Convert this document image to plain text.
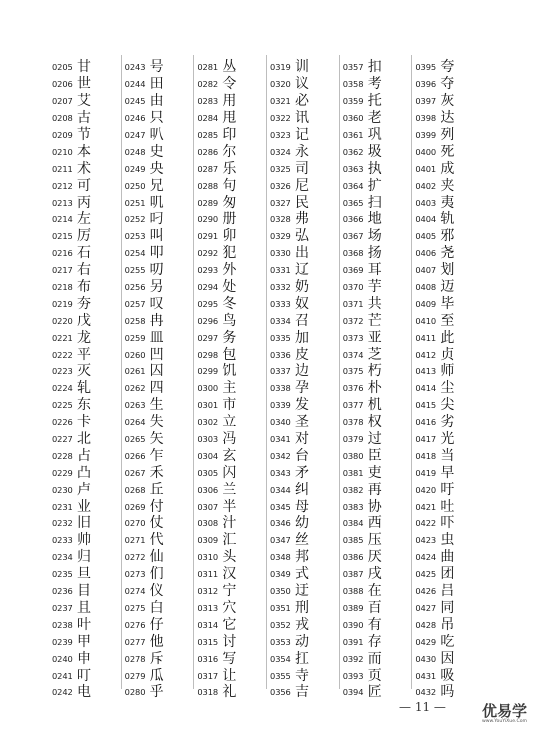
0205 甘
0206 世
0207 艾
0208 古
0209 节
0210 本
0211 术
0212 可
0213 丙
0214 左
0215 厉
0216 石
0217 右
0218 布
0219 夯
0220 戊
0221 龙
0222 平
0223 灭
0224 轧
0225 东
0226 卡
0227 北
0228 占
0229 凸
0230 卢
0231 业
0232 旧
0233 帅
0234 归
0235 旦
0236 目
0237 且
0238 叶
0239 甲
0240 申
0241 叮
0242 电
0243 号
0244 田
0245 由
0246 只
0247 叭
0248 史
0249 央
0250 兄
0251 叽
0252 叼
0253 叫
0254 叩
0255 叨
0256 另
0257 叹
0258 冉
0259 皿
0260 凹
0261 囚
0262 四
0263 生
0264 失
0265 矢
0266 乍
0267 禾
0268 丘
0269 付
0270 仗
0271 代
0272 仙
0273 们
0274 仪
0275 白
0276 仔
0277 他
0278 斥
0279 瓜
0280 乎
0281 丛
0282 令
0283 用
0284 甩
0285 印
0286 尔
0287 乐
0288 句
0289 匆
0290 册
0291 卯
0292 犯
0293 外
0294 处
0295 冬
0296 鸟
0297 务
0298 包
0299 饥
0300 主
0301 市
0302 立
0303 冯
0304 玄
0305 闪
0306 兰
0307 半
0308 汁
0309 汇
0310 头
0311 汉
0312 宁
0313 穴
0314 它
0315 讨
0316 写
0317 让
0318 礼
0319 训
0320 议
0321 必
0322 讯
0323 记
0324 永
0325 司
0326 尼
0327 民
0328 弗
0329 弘
0330 出
0331 辽
0332 奶
0333 奴
0334 召
0335 加
0336 皮
0337 边
0338 孕
0339 发
0340 圣
0341 对
0342 台
0343 矛
0344 纠
0345 母
0346 幼
0347 丝
0348 邦
0349 式
0350 迂
0351 刑
0352 戎
0353 动
0354 扛
0355 寺
0356 吉
0357 扣
0358 考
0359 托
0360 老
0361 巩
0362 圾
0363 执
0364 扩
0365 扫
0366 地
0367 场
0368 扬
0369 耳
0370 芋
0371 共
0372 芒
0373 亚
0374 芝
0375 朽
0376 朴
0377 机
0378 权
0379 过
0380 臣
0381 吏
0382 再
0383 协
0384 西
0385 压
0386 厌
0387 戌
0388 在
0389 百
0390 有
0391 存
0392 而
0393 页
0394 匠
0395 夸
0396 夺
0397 灰
0398 达
0399 列
0400 死
0401 成
0402 夹
0403 夷
0404 轨
0405 邪
0406 尧
0407 划
0408 迈
0409 毕
0410 至
0411 此
0412 贞
0413 师
0414 尘
0415 尖
0416 劣
0417 光
0418 当
0419 早
0420 吁
0421 吐
0422 吓
0423 虫
0424 曲
0425 团
0426 吕
0427 同
0428 吊
0429 吃
0430 因
0431 吸
0432 吗
— 11 — 优易学
www.YouYiXue.Com
